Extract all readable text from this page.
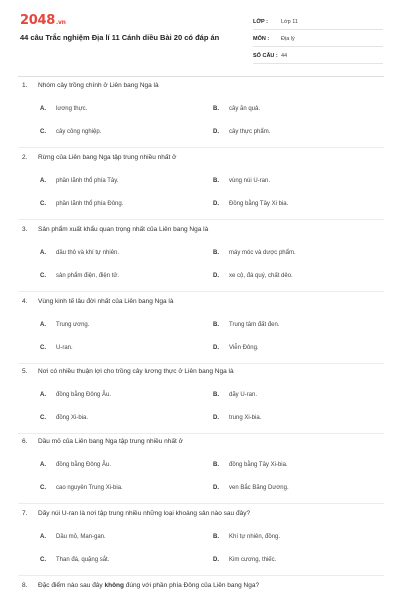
2048.vn
44 câu Trắc nghiệm Địa lí 11 Cánh diều Bài 20 có đáp án
LỚP :	Lớp 11
MÔN :	Địa lý
SỐ CÂU : 44
1. Nhóm cây trồng chính ở Liên bang Nga là
A. lương thực.	B. cây ăn quả.
C. cây công nghiệp.	D. cây thực phẩm.
2. Rừng của Liên bang Nga tập trung nhiều nhất ở
A. phần lãnh thổ phía Tây.	B. vùng núi U-ran.
C. phần lãnh thổ phía Đông.	D. Đồng bằng Tây Xi bia.
3. Sản phẩm xuất khẩu quan trọng nhất của Liên bang Nga là
A. dầu thô và khí tự nhiên.	B. máy móc và dược phẩm.
C. sản phẩm điện, điện tử.	D. xe cộ, đá quý, chất dẻo.
4. Vùng kinh tế lâu đời nhất của Liên bang Nga là
A. Trung ương.	B. Trung tâm đất đen.
C. U-ran.	D. Viễn Đông.
5. Nơi có nhiều thuận lợi cho trồng cây lương thực ở Liên bang Nga là
A. đồng bằng Đông Âu.	B. dãy U-ran.
C. đồng Xi-bia.	D. trung Xi-bia.
6. Dầu mỏ của Liên bang Nga tập trung nhiều nhất ở
A. đồng bằng Đông Âu.	B. đồng bằng Tây Xi-bia.
C. cao nguyên Trung Xi-bia.	D. ven Bắc Băng Dương.
7. Dãy núi U-ran là nơi tập trung nhiều những loại khoáng sản nào sau đây?
A. Dầu mỏ, Man-gan.	B. Khí tự nhiên, đồng.
C. Than đá, quặng sắt.	D. Kim cương, thiếc.
8. Đặc điểm nào sau đây không đúng với phần phía Đông của Liên bang Nga?
